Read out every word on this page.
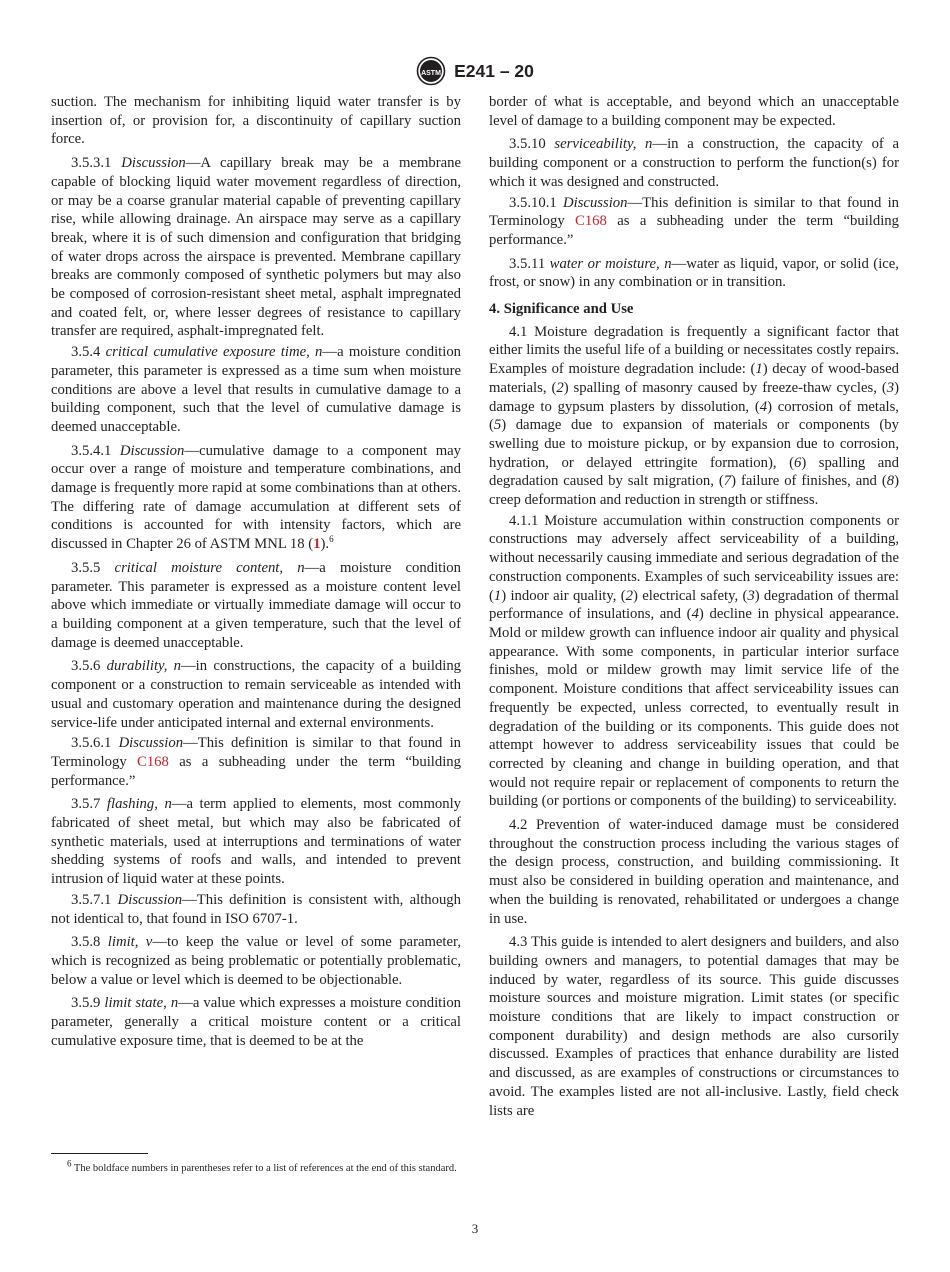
ASTM E241 – 20

suction. The mechanism for inhibiting liquid water transfer is by insertion of, or provision for, a discontinuity of capillary suction force.

3.5.3.1 Discussion—A capillary break may be a membrane capable of blocking liquid water movement regardless of direction, or may be a coarse granular material capable of preventing capillary rise, while allowing drainage. An airspace may serve as a capillary break, where it is of such dimension and configuration that bridging of water drops across the airspace is prevented. Membrane capillary breaks are commonly composed of synthetic polymers but may also be composed of corrosion-resistant sheet metal, asphalt impregnated and coated felt, or, where lesser degrees of resistance to capillary transfer are required, asphalt-impregnated felt.

3.5.4 critical cumulative exposure time, n—a moisture condition parameter, this parameter is expressed as a time sum when moisture conditions are above a level that results in cumulative damage to a building component, such that the level of cumulative damage is deemed unacceptable.

3.5.4.1 Discussion—cumulative damage to a component may occur over a range of moisture and temperature combinations, and damage is frequently more rapid at some combinations than at others. The differing rate of damage accumulation at different sets of conditions is accounted for with intensity factors, which are discussed in Chapter 26 of ASTM MNL 18 (1).$^6$

3.5.5 critical moisture content, n—a moisture condition parameter. This parameter is expressed as a moisture content level above which immediate or virtually immediate damage will occur to a building component at a given temperature, such that the level of damage is deemed unacceptable.

3.5.6 durability, n—in constructions, the capacity of a building component or a construction to remain serviceable as intended with usual and customary operation and maintenance during the designed service-life under anticipated internal and external environments.

3.5.6.1 Discussion—This definition is similar to that found in Terminology C168 as a subheading under the term “building performance.”

3.5.7 flashing, n—a term applied to elements, most commonly fabricated of sheet metal, but which may also be fabricated of synthetic materials, used at interruptions and terminations of water shedding systems of roofs and walls, and intended to prevent intrusion of liquid water at these points.

3.5.7.1 Discussion—This definition is consistent with, although not identical to, that found in ISO 6707-1.

3.5.8 limit, v—to keep the value or level of some parameter, which is recognized as being problematic or potentially problematic, below a value or level which is deemed to be objectionable.

3.5.9 limit state, n—a value which expresses a moisture condition parameter, generally a critical moisture content or a critical cumulative exposure time, that is deemed to be at the

border of what is acceptable, and beyond which an unacceptable level of damage to a building component may be expected.

3.5.10 serviceability, n—in a construction, the capacity of a building component or a construction to perform the function(s) for which it was designed and constructed.

3.5.10.1 Discussion—This definition is similar to that found in Terminology C168 as a subheading under the term “building performance.”

3.5.11 water or moisture, n—water as liquid, vapor, or solid (ice, frost, or snow) in any combination or in transition.

4. Significance and Use

4.1 Moisture degradation is frequently a significant factor that either limits the useful life of a building or necessitates costly repairs. Examples of moisture degradation include: (1) decay of wood-based materials, (2) spalling of masonry caused by freeze-thaw cycles, (3) damage to gypsum plasters by dissolution, (4) corrosion of metals, (5) damage due to expansion of materials or components (by swelling due to moisture pickup, or by expansion due to corrosion, hydration, or delayed ettringite formation), (6) spalling and degradation caused by salt migration, (7) failure of finishes, and (8) creep deformation and reduction in strength or stiffness.

4.1.1 Moisture accumulation within construction components or constructions may adversely affect serviceability of a building, without necessarily causing immediate and serious degradation of the construction components. Examples of such serviceability issues are: (1) indoor air quality, (2) electrical safety, (3) degradation of thermal performance of insulations, and (4) decline in physical appearance. Mold or mildew growth can influence indoor air quality and physical appearance. With some components, in particular interior surface finishes, mold or mildew growth may limit service life of the component. Moisture conditions that affect serviceability issues can frequently be expected, unless corrected, to eventually result in degradation of the building or its components. This guide does not attempt however to address serviceability issues that could be corrected by cleaning and change in building operation, and that would not require repair or replacement of components to return the building (or portions or components of the building) to serviceability.

4.2 Prevention of water-induced damage must be considered throughout the construction process including the various stages of the design process, construction, and building commissioning. It must also be considered in building operation and maintenance, and when the building is renovated, rehabilitated or undergoes a change in use.

4.3 This guide is intended to alert designers and builders, and also building owners and managers, to potential damages that may be induced by water, regardless of its source. This guide discusses moisture sources and moisture migration. Limit states (or specific moisture conditions that are likely to impact construction or component durability) and design methods are also cursorily discussed. Examples of practices that enhance durability are listed and discussed, as are examples of constructions or circumstances to avoid. The examples listed are not all-inclusive. Lastly, field check lists are

$^6$ The boldface numbers in parentheses refer to a list of references at the end of this standard.
3
